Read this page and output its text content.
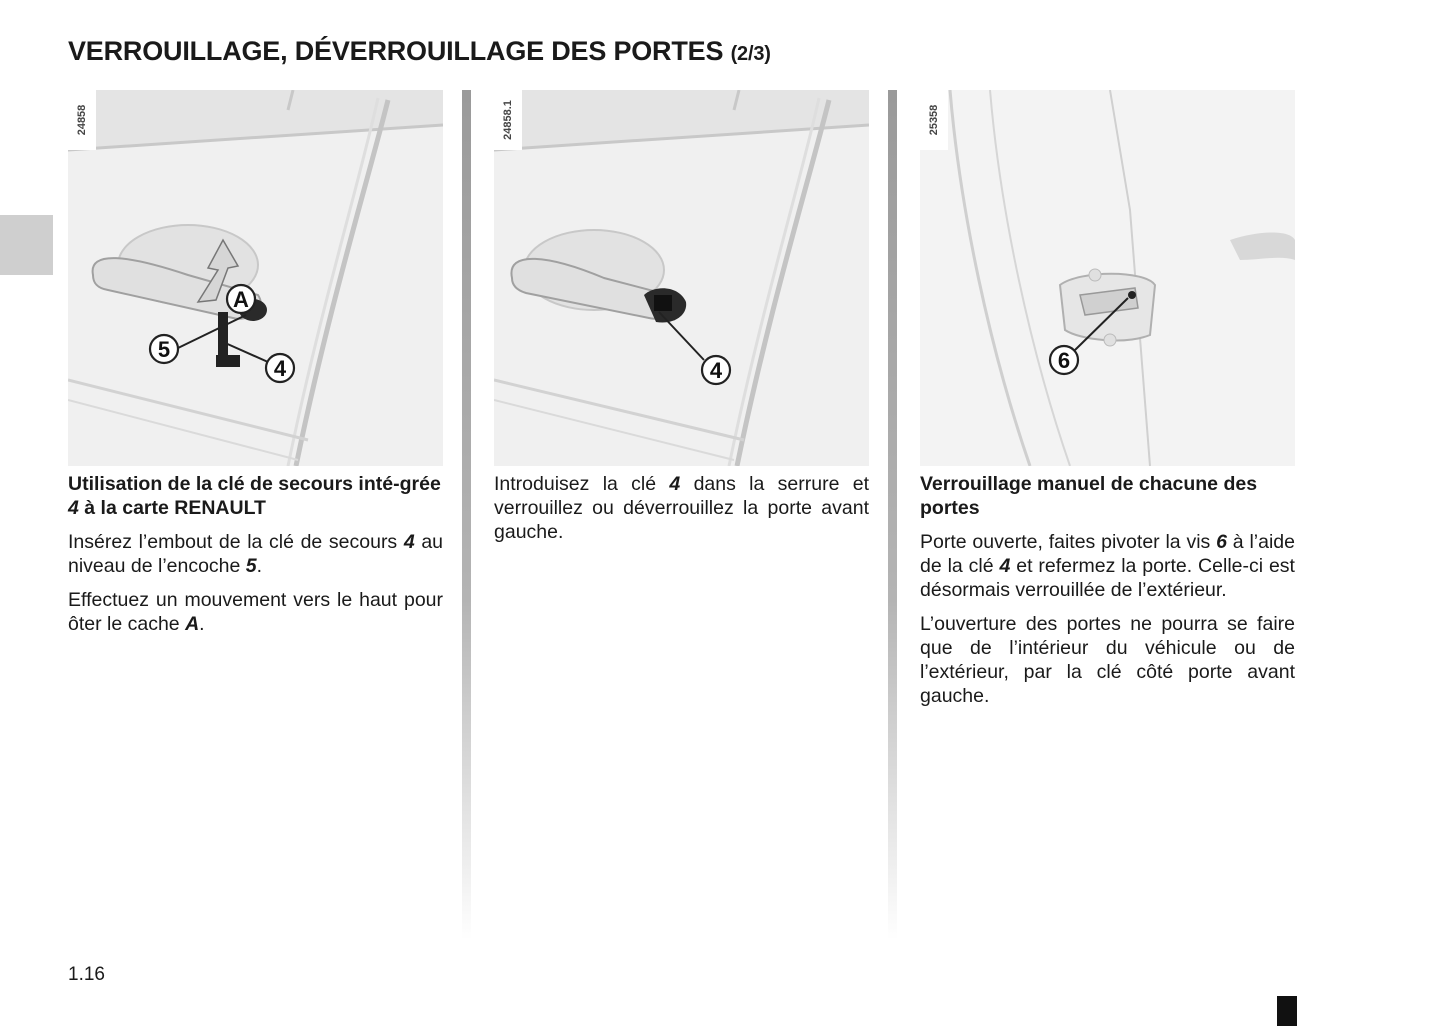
VERROUILLAGE, DÉVERROUILLAGE DES PORTES (2/3)
A
5
4
24858
4
24858.1
6
25358

Utilisation de la clé de secours inté-grée 4 à la carte RENAULT

Insérez l’embout de la clé de secours 4 au niveau de l’encoche 5.

Effectuez un mouvement vers le haut pour ôter le cache A.

Introduisez la clé 4 dans la serrure et verrouillez ou déverrouillez la porte avant gauche.

Verrouillage manuel de chacune des portes

Porte ouverte, faites pivoter la vis 6 à l’aide de la clé 4 et refermez la porte. Celle-ci est désormais verrouillée de l’extérieur.

L’ouverture des portes ne pourra se faire que de l’intérieur du véhicule ou de l’extérieur, par la clé côté porte avant gauche.

1.16
